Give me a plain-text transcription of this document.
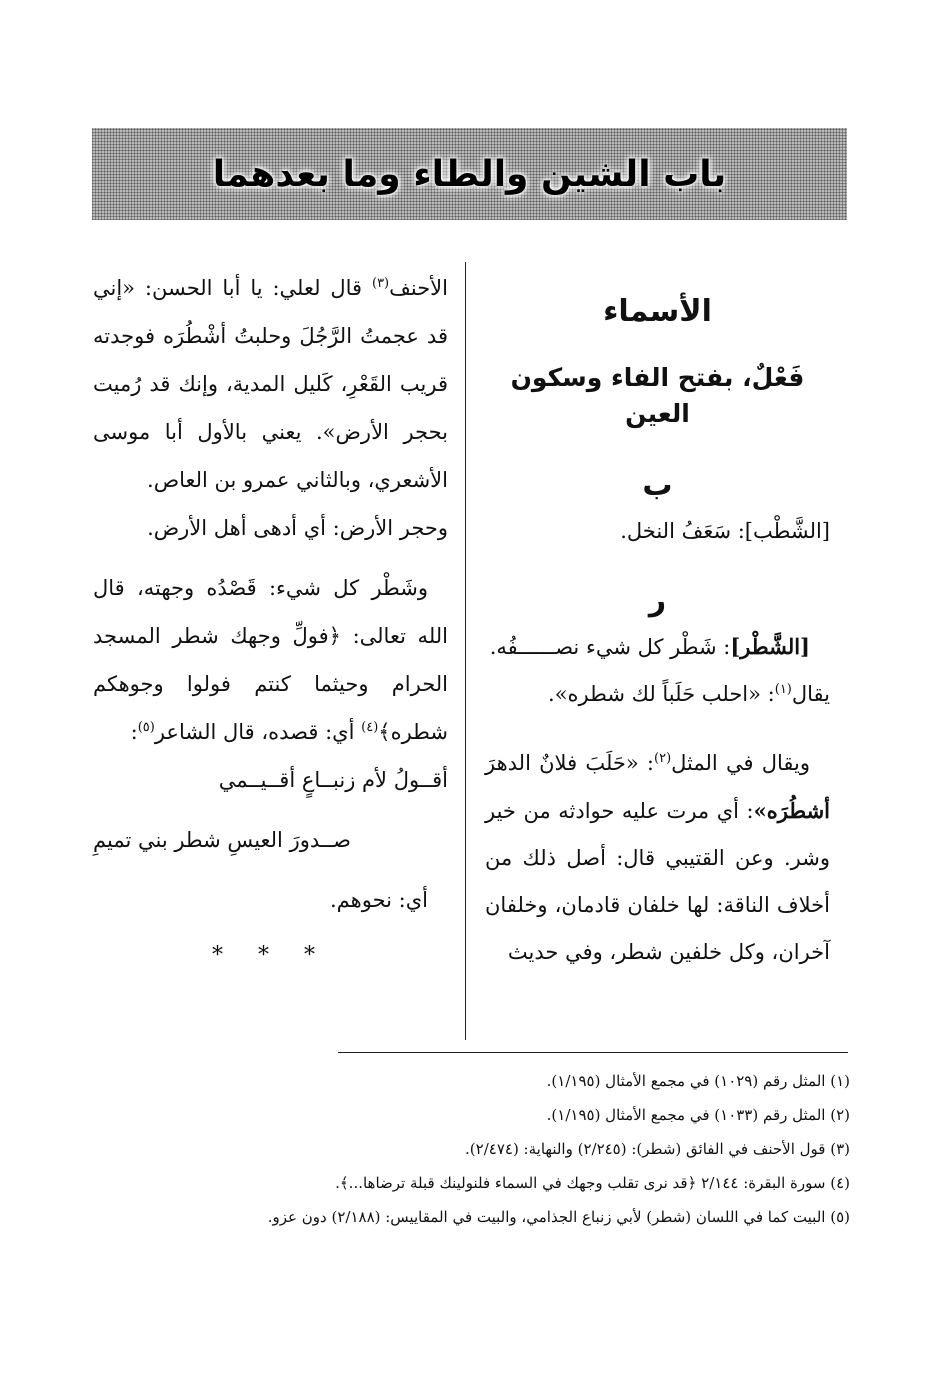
باب الشين والطاء وما بعدهما
الأسماء
فَعْلٌ، بفتح الفاء وسكون العين
ب

[الشَّطْب]: سَعَفُ النخل.

ر

[الشَّطْر]: شَطْر كل شيء نصــــــفُه.

يقال$^{(١)}$: «احلب حَلَباً لك شطره».

ويقال في المثل$^{(٢)}$: «حَلَبَ فلانٌ الدهرَ أشطُرَه»: أي مرت عليه حوادثه من خير وشر. وعن القتيبي قال: أصل ذلك من أخلاف الناقة: لها خلفان قادمان، وخلفان آخران، وكل خلفين شطر، وفي حديث

الأحنف$^{(٣)}$ قال لعلي: يا أبا الحسن: «إني قد عجمتُ الرَّجُلَ وحلبتُ أشْطُرَه فوجدته قريب القَعْرِ، كَليل المدية، وإنك قد رُميت بحجر الأرض». يعني بالأول أبا موسى الأشعري، وبالثاني عمرو بن العاص.

وحجر الأرض: أي أدهى أهل الأرض.

وشَطْر كل شيء: قَصْدُه وجهته، قال الله تعالى: ﴿فولِّ وجهك شطر المسجد الحرام وحيثما كنتم فولوا وجوهكم شطره﴾$^{(٤)}$ أي: قصده، قال الشاعر$^{(٥)}$:

أقــولُ لأم زنبــاعٍ أقــيــمي

صــدورَ العيسِ شطر بني تميمِ

أي: نحوهم.

* * *

(١) المثل رقم (١٠٢٩) في مجمع الأمثال (١/١٩٥).

(٢) المثل رقم (١٠٣٣) في مجمع الأمثال (١/١٩٥).

(٣) قول الأحنف في الفائق (شطر): (٢/٢٤٥) والنهاية: (٢/٤٧٤).

(٤) سورة البقرة: ٢/١٤٤ ﴿قد نرى تقلب وجهك في السماء فلنولينك قبلة ترضاها...﴾.

(٥) البيت كما في اللسان (شطر) لأبي زنباع الجذامي، والبيت في المقاييس: (٢/١٨٨) دون عزو.
